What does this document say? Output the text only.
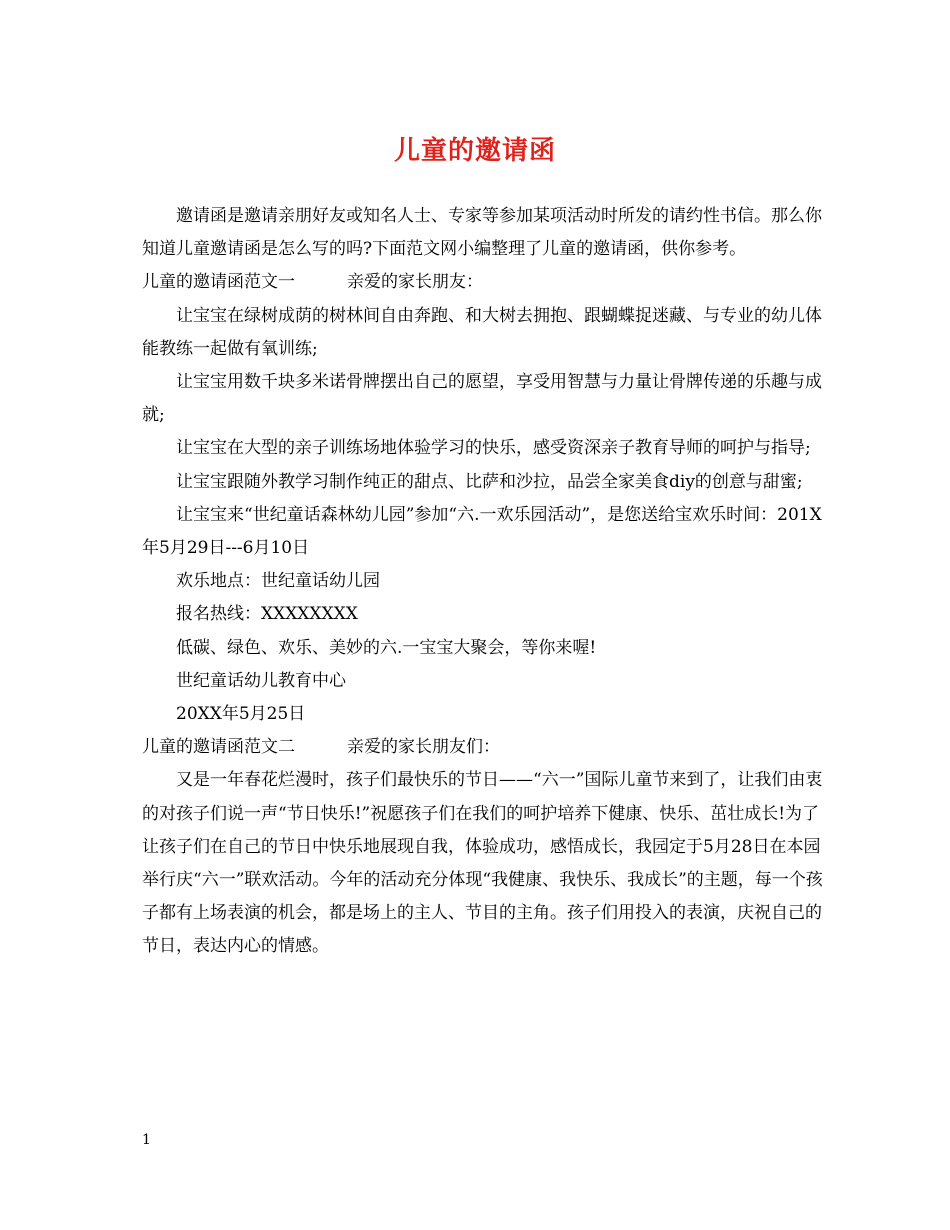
儿童的邀请函

邀请函是邀请亲朋好友或知名人士、专家等参加某项活动时所发的请约性书信。那么你知道儿童邀请函是怎么写的吗?下面范文网小编整理了儿童的邀请函，供你参考。

儿童的邀请函范文一	亲爱的家长朋友：

让宝宝在绿树成荫的树林间自由奔跑、和大树去拥抱、跟蝴蝶捉迷藏、与专业的幼儿体能教练一起做有氧训练;

让宝宝用数千块多米诺骨牌摆出自己的愿望，享受用智慧与力量让骨牌传递的乐趣与成就;

让宝宝在大型的亲子训练场地体验学习的快乐，感受资深亲子教育导师的呵护与指导;

让宝宝跟随外教学习制作纯正的甜点、比萨和沙拉，品尝全家美食diy的创意与甜蜜;

让宝宝来“世纪童话森林幼儿园”参加“六.一欢乐园活动”，是您送给宝欢乐时间：201X年5月29日---6月10日

欢乐地点：世纪童话幼儿园

报名热线：XXXXXXXX

低碳、绿色、欢乐、美妙的六.一宝宝大聚会，等你来喔!

世纪童话幼儿教育中心

20XX年5月25日

儿童的邀请函范文二	亲爱的家长朋友们：

又是一年春花烂漫时，孩子们最快乐的节日——“六一”国际儿童节来到了，让我们由衷的对孩子们说一声“节日快乐!”祝愿孩子们在我们的呵护培养下健康、快乐、茁壮成长!为了让孩子们在自己的节日中快乐地展现自我，体验成功，感悟成长，我园定于5月28日在本园举行庆“六一”联欢活动。今年的活动充分体现“我健康、我快乐、我成长”的主题，每一个孩子都有上场表演的机会，都是场上的主人、节目的主角。孩子们用投入的表演，庆祝自己的节日，表达内心的情感。

1
